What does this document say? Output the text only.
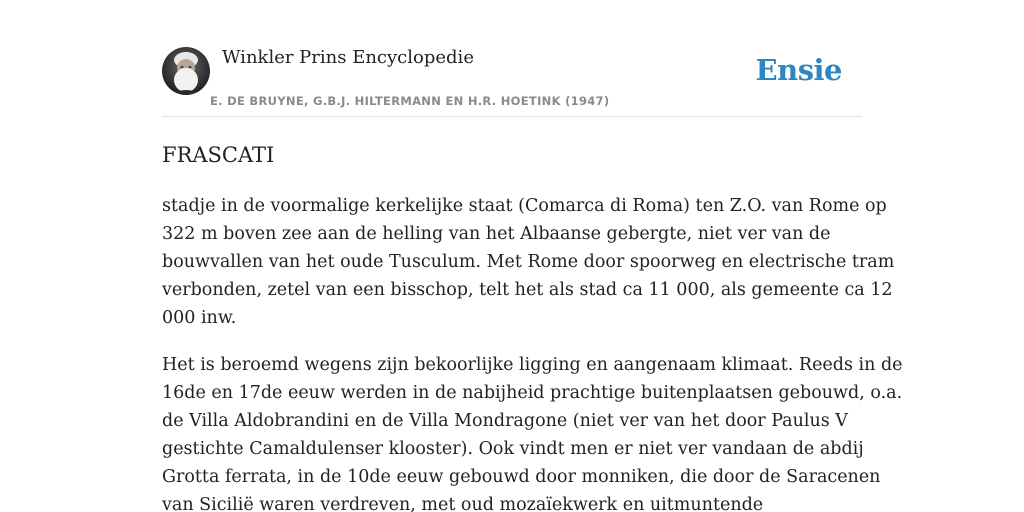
Winkler Prins Encyclopedie
E. DE BRUYNE, G.B.J. HILTERMANN EN H.R. HOETINK (1947)
Ensie
FRASCATI

stadje in de voormalige kerkelijke staat (Comarca di Roma) ten Z.O. van Rome op
322 m boven zee aan de helling van het Albaanse gebergte, niet ver van de
bouwvallen van het oude Tusculum. Met Rome door spoorweg en electrische tram
verbonden, zetel van een bisschop, telt het als stad ca 11 000, als gemeente ca 12
000 inw.

Het is beroemd wegens zijn bekoorlijke ligging en aangenaam klimaat. Reeds in de
16de en 17de eeuw werden in de nabijheid prachtige buitenplaatsen gebouwd, o.a.
de Villa Aldobrandini en de Villa Mondragone (niet ver van het door Paulus V
gestichte Camaldulenser klooster). Ook vindt men er niet ver vandaan de abdij
Grotta ferrata, in de 10de eeuw gebouwd door monniken, die door de Saracenen
van Sicilië waren verdreven, met oud mozaïekwerk en uitmuntende
